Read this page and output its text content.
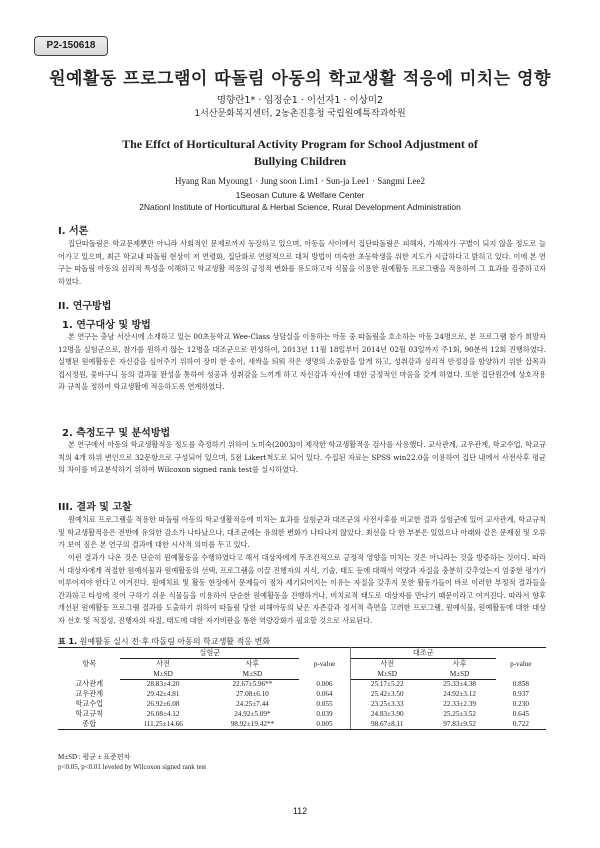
P2-150618
원예활동 프로그램이 따돌림 아동의 학교생활 적응에 미치는 영향
명향란1* · 임정순1 · 이선자1 · 이상미2
1서산문화복지센터, 2농촌진흥청 국립원예특작과학원
The Effct of Horticultural Activity Program for School Adjustment of
Bullying Children
Hyang Ran Myoung1 · Jung soon Lim1 · Sun-ja Lee1 · Sangmi Lee2
1Seosan Cuture & Welfare Center
2Nationl Institute of Horticultural & Herbal Science, Rural Development Administration
I. 서론
집단따돌림은 학교문제뿐만 아니라 사회적인 문제로까지 등장하고 있으며, 아동들 사이에서 집단따돌림은 피해자, 가해자가 구별이 되지 않을 정도로 늘어가고 있으며, 최근 학교내 따돌림 현상이 저 연령화, 집단화로 연령적으로 대처 방법이 미숙한 초등학생을 위한 지도가 시급하다고 밝히고 있다. 이에 본 연구는 따돌림 아동의 심리적 특성을 이해하고 학교생활 적응의 긍정적 변화를 유도하고자 식물을 이용한 원예활동 프로그램을 적용하여 그 효과를 검증하고자 하였다.
II. 연구방법
1. 연구대상 및 방법
본 연구는 충남 서산시에 소재하고 있는 00초등학교 Wee-Class 상담실을 이용하는 아동 중 따돌림을 호소하는 아동 24명으로, 본 프로그램 참가 희망자 12명을 실험군으로, 참가를 원하지 않는 12명을 대조군으로 편성하여, 2013년 11월 18일부터 2014년 02월 03일까지 주1회, 90분씩 12회 진행하였다. 실행된 원예활동은 자신감을 심어주기 위하여 장미 한 송이, 새싹을 틔워 작은 생명의 소중함을 알게 하고, 성취감과 심리적 안정감을 함양하기 위한 삽목과 접시정원, 꽃바구니 등의 결과물 완성을 통하여 성공과 성취감을 느끼게 하고 자신감과 자신에 대한 긍정적인 마음을 갖게 하였다. 또한 집단원간에 상호작용과 규칙을 정하여 학교생활에 적응하도록 연계하였다.
2. 측정도구 및 분석방법
본 연구에서 아동의 학교생활적응 정도를 측정하기 위하여 노미숙(2003)이 제작한 학교생활적응 검사를 사용했다. 교사관계, 교우관계, 학교수업, 학교규칙의 4개 하위 변인으로 32문항으로 구성되어 있으며, 5점 Likert척도로 되어 있다. 수집된 자료는 SPSS win22.0을 이용하여 집단 내에서 사전사후 평균의 차이를 비교분석하기 위하여 Wilcoxon signed rank test를 실시하였다.
III. 결과 및 고찰
원예치료 프로그램을 적용한 따돌림 아동의 학교생활적응에 미치는 효과를 실험군과 대조군의 사전사후를 비교한 결과 실험군에 있어 교사관계, 학교규칙 및 학교생활적응은 전반에 유의한 감소가 나타났으나, 대조군에는 유의한 변화가 나타나지 않았다. 최선을 다 한 부분은 있었으나 아래와 같은 문제점 및 오류가 보여 짐은 본 연구의 결과에 대한 시사적 의미를 두고 있다.
이런 결과가 나온 것은 단순히 원예활동을 수행하였다고 해서 대상자에게 무조건적으로 긍정적 영향을 미치는 것은 아니라는 것을 방증하는 것이다. 따라서 대상자에게 적절한 원예식물과 원예활동의 선택, 프로그램을 이끌 진행자의 지식, 기술, 태도 등에 대해서 역량과 자질을 충분히 갖추었는지 엄중한 평가가 이루어져야 한다고 여겨진다. 원예치료 및 활동 현장에서 문제들이 점차 제기되어지는 이유는 자질을 갖추지 못한 활동가들이 바로 이러한 부정적 결과들을 간과하고 타성에 젖어 구하기 쉬운 식물들을 이용하여 단순한 원예활동을 진행하거나, 비치료적 태도로 대상자를 만나기 때문이라고 여겨진다. 따라서 향후 개선된 원예활동 프로그램 결과를 도출하기 위하여 따돌림 당한 피해아동의 낮은 자존감과 정서적 측면을 고려한 프로그램, 원예식물, 원예활동에 대한 대상자 선호 및 적절성, 진행자의 자질, 태도에 대한 자기비판을 통한 역량강화가 필요할 것으로 사료된다.
표 1. 원예활동 실시 전·후 따돌림 아동의 학교생활 적응 변화
항목	실험군		p-value	대조군		p-value
	사전	사후		사전	사후	
	M±SD	M±SD		M±SD	M±SD	
교사관계	28.83±4.20	22.67±5.96**	0.006	25.17±5.22	25.33±4.38	0.858
교우관계	29.42±4.81	27.08±6.10	0.064	25.42±3.50	24.92±3.12	0.937
학교수업	26.92±6.08	24.25±7.44	0.055	23.25±3.33	22.33±2.39	0.230
학교규칙	26.08±4.12	24.92±5.09*	0.039	24.83±3.90	25.25±3.52	0.645
종합	111.25±14.66	98.92±19.42**	0.005	98.67±8.11	97.83±9.52	0.722
M±SD : 평균 ± 표준편차
p<0.05, p<0.01 leveled by Wilcoxon signed rank test
112
